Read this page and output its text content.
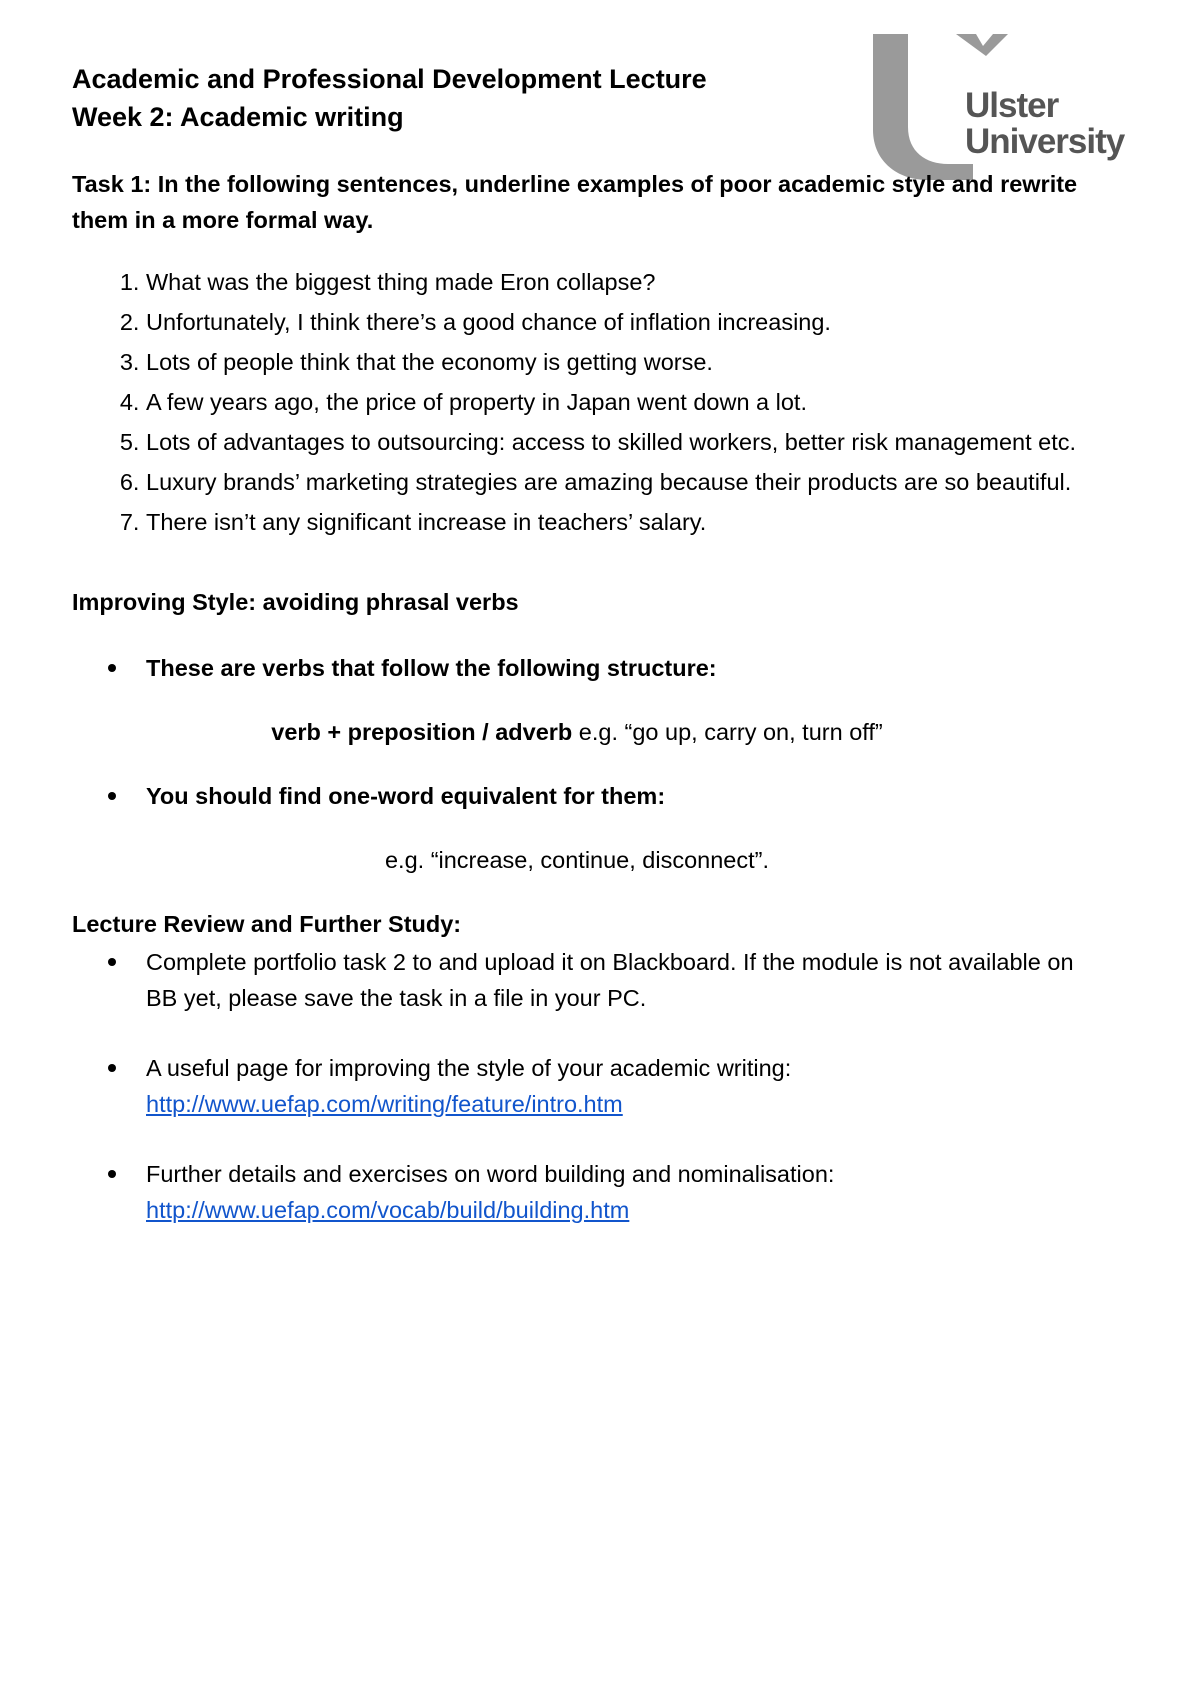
Ulster
University
Academic and Professional Development Lecture
Week 2: Academic writing
Task 1: In the following sentences, underline examples of poor academic style and rewrite them in a more formal way.
1. What was the biggest thing made Eron collapse?
2. Unfortunately, I think there’s a good chance of inflation increasing.
3. Lots of people think that the economy is getting worse.
4. A few years ago, the price of property in Japan went down a lot.
5. Lots of advantages to outsourcing: access to skilled workers, better risk management etc.
6. Luxury brands’ marketing strategies are amazing because their products are so beautiful.
7. There isn’t any significant increase in teachers’ salary.
Improving Style: avoiding phrasal verbs
These are verbs that follow the following structure:
verb + preposition / adverb e.g. “go up, carry on, turn off”
You should find one-word equivalent for them:
e.g. “increase, continue, disconnect”.
Lecture Review and Further Study:
Complete portfolio task 2 to and upload it on Blackboard. If the module is not available on BB yet, please save the task in a file in your PC.
A useful page for improving the style of your academic writing:
http://www.uefap.com/writing/feature/intro.htm
Further details and exercises on word building and nominalisation:
http://www.uefap.com/vocab/build/building.htm
